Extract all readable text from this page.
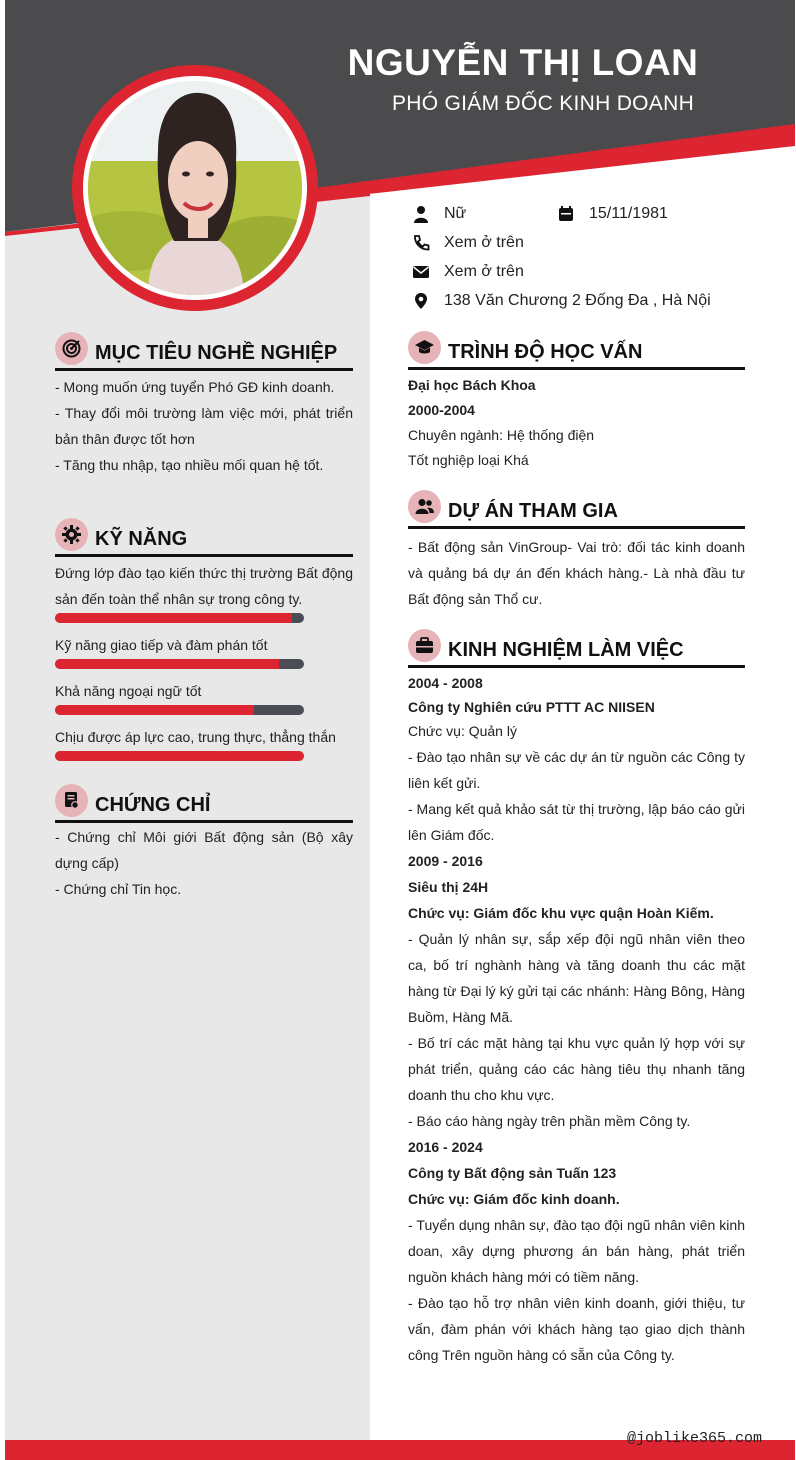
NGUYỄN THỊ LOAN
PHÓ GIÁM ĐỐC KINH DOANH
Nữ	15/11/1981
Xem ở trên
Xem ở trên
138 Văn Chương 2 Đống Đa , Hà Nội
MỤC TIÊU NGHỀ NGHIỆP

- Mong muốn ứng tuyển Phó GĐ kinh doanh.

- Thay đổi môi trường làm việc mới, phát triển bản thân được tốt hơn

- Tăng thu nhập, tạo nhiều mối quan hệ tốt.

KỸ NĂNG
Đứng lớp đào tạo kiến thức thị trường Bất động sản đến toàn thể nhân sự trong công ty.
Kỹ năng giao tiếp và đàm phán tốt
Khả năng ngoại ngữ tốt
Chịu được áp lực cao, trung thực, thẳng thắn
CHỨNG CHỈ

- Chứng chỉ Môi giới Bất động sản (Bộ xây dựng cấp)

- Chứng chỉ Tin học.

TRÌNH ĐỘ HỌC VẤN

Đại học Bách Khoa

2000-2004

Chuyên ngành: Hệ thống điện

Tốt nghiệp loại Khá

DỰ ÁN THAM GIA

- Bất động sản VinGroup- Vai trò: đối tác kinh doanh và quảng bá dự án đến khách hàng.- Là nhà đầu tư Bất động sản Thổ cư.

KINH NGHIỆM LÀM VIỆC

2004 - 2008

Công ty Nghiên cứu PTTT AC NIISEN

Chức vụ: Quản lý

- Đào tạo nhân sự về các dự án từ nguồn các Công ty liên kết gửi.

- Mang kết quả khảo sát từ thị trường, lập báo cáo gửi lên Giám đốc.

2009 - 2016

Siêu thị 24H

Chức vụ: Giám đốc khu vực quận Hoàn Kiếm.

- Quản lý nhân sự, sắp xếp đội ngũ nhân viên theo ca, bố trí nghành hàng và tăng doanh thu các mặt hàng từ Đại lý ký gửi tại các nhánh: Hàng Bông, Hàng Buồm, Hàng Mã.

- Bố trí các mặt hàng tại khu vực quản lý hợp với sự phát triển, quảng cáo các hàng tiêu thụ nhanh tăng doanh thu cho khu vực.

- Báo cáo hàng ngày trên phần mềm Công ty.

2016 - 2024

Công ty Bất động sản Tuấn 123

Chức vụ: Giám đốc kinh doanh.

- Tuyển dụng nhân sự, đào tạo đội ngũ nhân viên kinh doan, xây dựng phương án bán hàng, phát triển nguồn khách hàng mới có tiềm năng.

- Đào tạo hỗ trợ nhân viên kinh doanh, giới thiệu, tư vấn, đàm phán với khách hàng tạo giao dịch thành công Trên nguồn hàng có sẵn của Công ty.

@joblike365.com
